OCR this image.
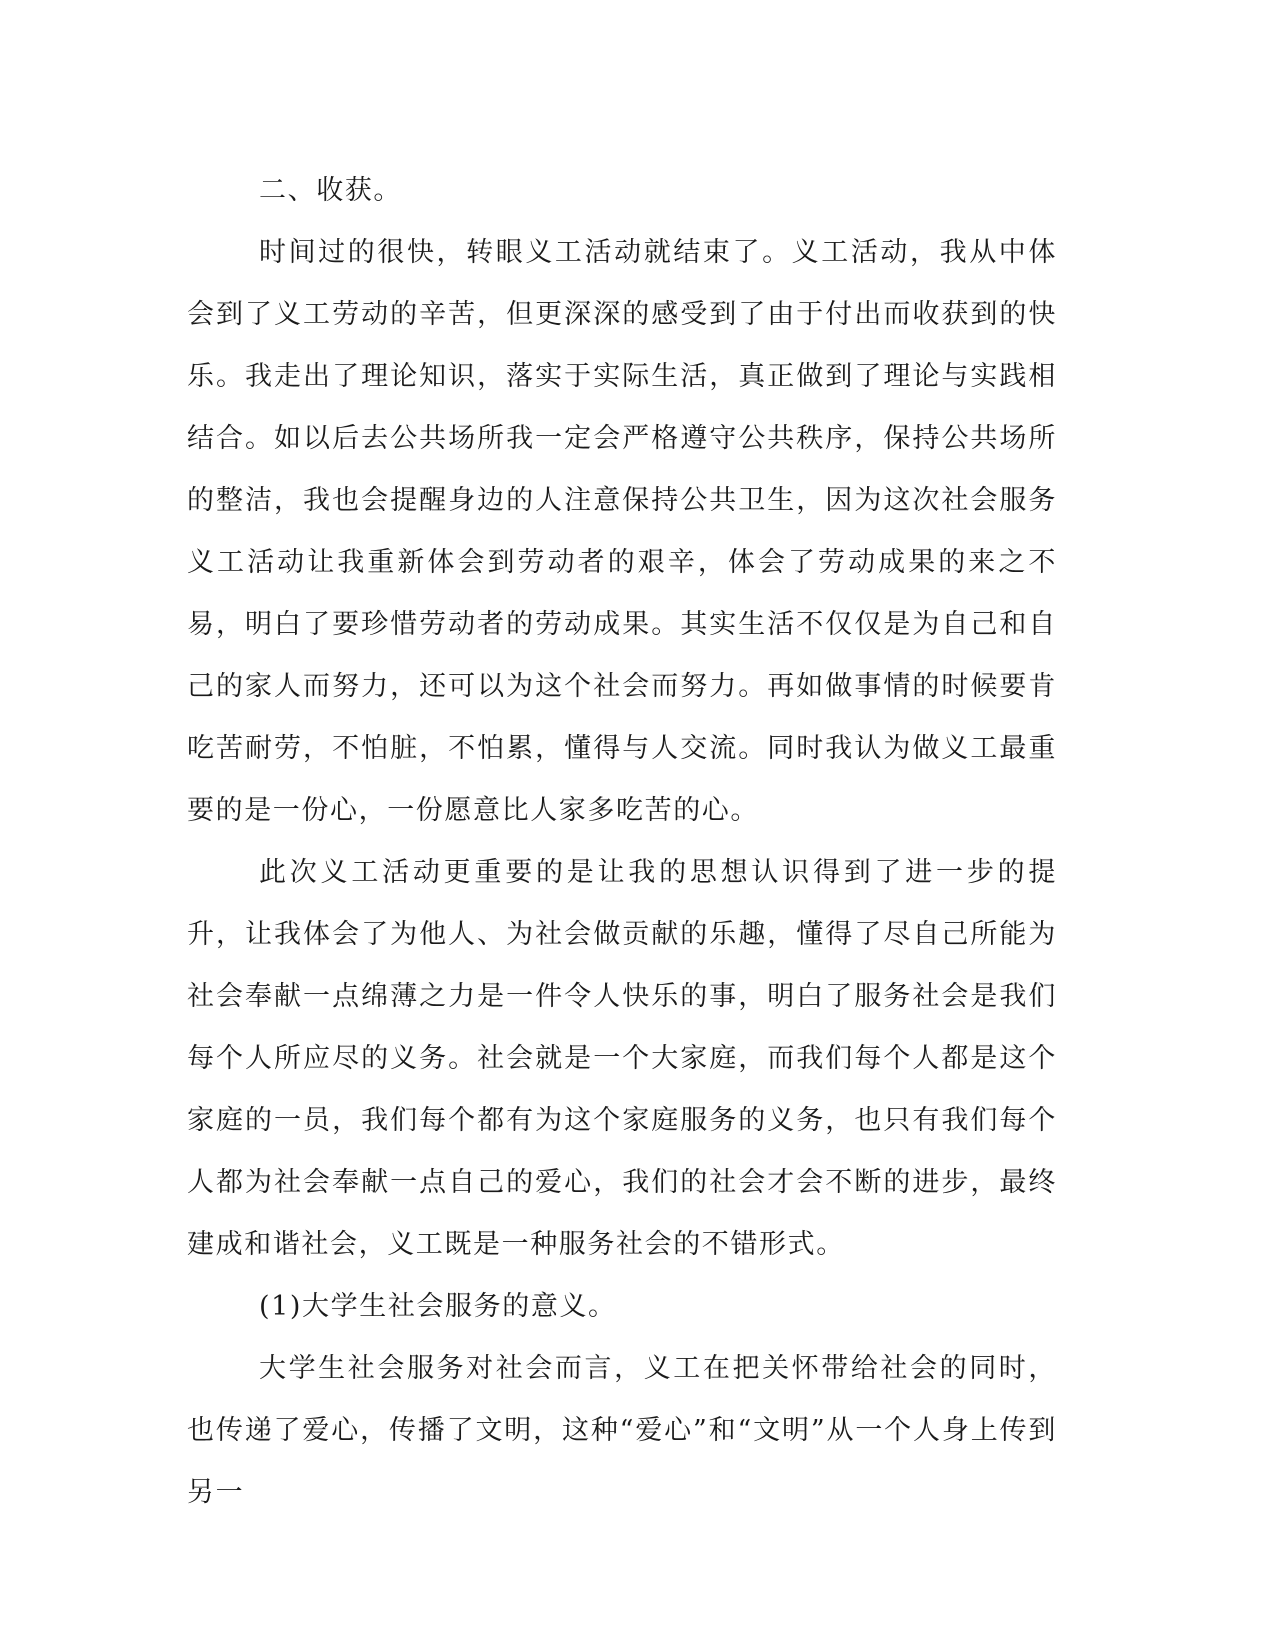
二、收获。

时间过的很快，转眼义工活动就结束了。义工活动，我从中体会到了义工劳动的辛苦，但更深深的感受到了由于付出而收获到的快乐。我走出了理论知识，落实于实际生活，真正做到了理论与实践相结合。如以后去公共场所我一定会严格遵守公共秩序，保持公共场所的整洁，我也会提醒身边的人注意保持公共卫生，因为这次社会服务义工活动让我重新体会到劳动者的艰辛，体会了劳动成果的来之不易，明白了要珍惜劳动者的劳动成果。其实生活不仅仅是为自己和自己的家人而努力，还可以为这个社会而努力。再如做事情的时候要肯吃苦耐劳，不怕脏，不怕累，懂得与人交流。同时我认为做义工最重要的是一份心，一份愿意比人家多吃苦的心。

此次义工活动更重要的是让我的思想认识得到了进一步的提升，让我体会了为他人、为社会做贡献的乐趣，懂得了尽自己所能为社会奉献一点绵薄之力是一件令人快乐的事，明白了服务社会是我们每个人所应尽的义务。社会就是一个大家庭，而我们每个人都是这个家庭的一员，我们每个都有为这个家庭服务的义务，也只有我们每个人都为社会奉献一点自己的爱心，我们的社会才会不断的进步，最终建成和谐社会，义工既是一种服务社会的不错形式。

(1)大学生社会服务的意义。

大学生社会服务对社会而言，义工在把关怀带给社会的同时，也传递了爱心，传播了文明，这种“爱心”和“文明”从一个人身上传到另一
